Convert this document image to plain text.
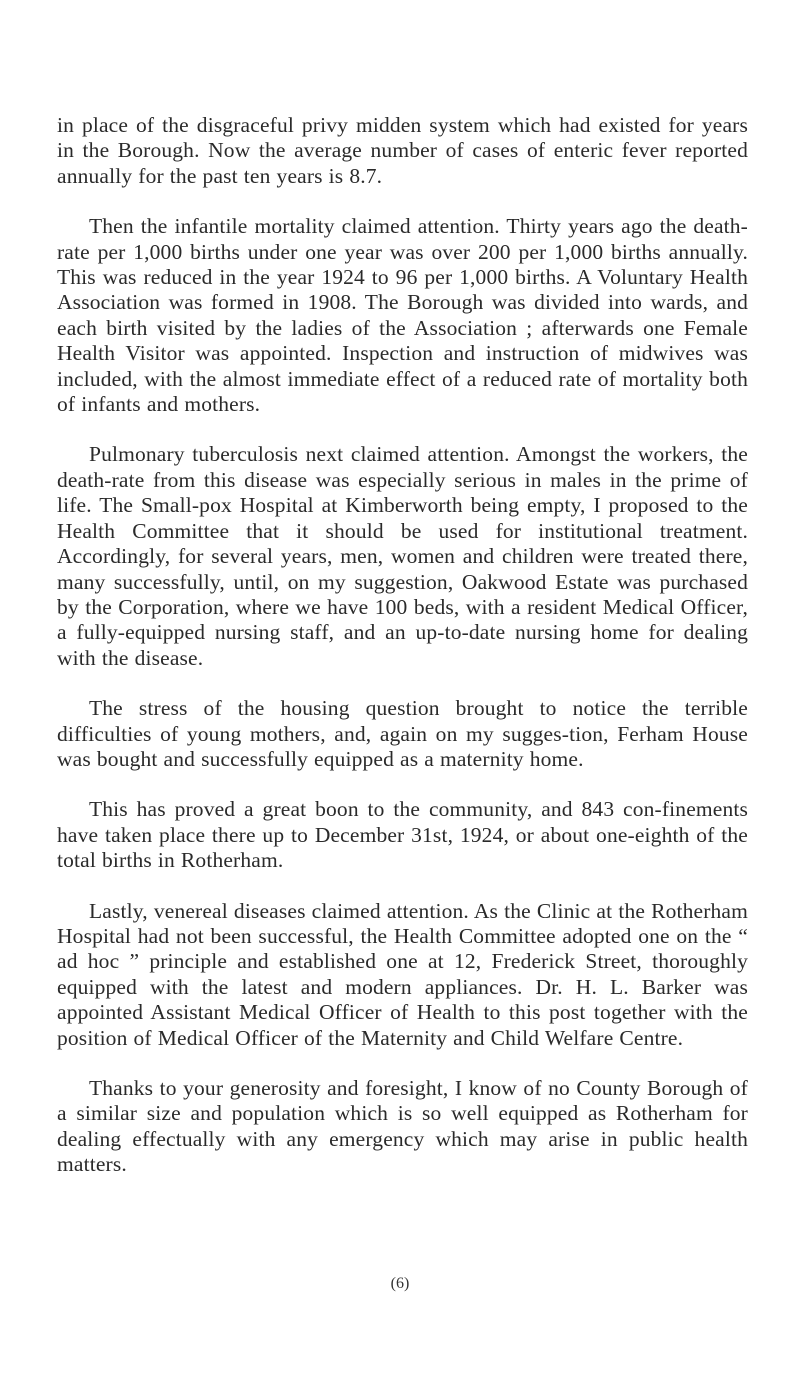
in place of the disgraceful privy midden system which had existed for years in the Borough. Now the average number of cases of enteric fever reported annually for the past ten years is 8.7.

Then the infantile mortality claimed attention. Thirty years ago the death-rate per 1,000 births under one year was over 200 per 1,000 births annually. This was reduced in the year 1924 to 96 per 1,000 births. A Voluntary Health Association was formed in 1908. The Borough was divided into wards, and each birth visited by the ladies of the Association ; afterwards one Female Health Visitor was appointed. Inspection and instruction of midwives was included, with the almost immediate effect of a reduced rate of mortality both of infants and mothers.

Pulmonary tuberculosis next claimed attention. Amongst the workers, the death-rate from this disease was especially serious in males in the prime of life. The Small-pox Hospital at Kimberworth being empty, I proposed to the Health Committee that it should be used for institutional treatment. Accordingly, for several years, men, women and children were treated there, many successfully, until, on my suggestion, Oakwood Estate was purchased by the Corporation, where we have 100 beds, with a resident Medical Officer, a fully-equipped nursing staff, and an up-to-date nursing home for dealing with the disease.

The stress of the housing question brought to notice the terrible difficulties of young mothers, and, again on my sugges-tion, Ferham House was bought and successfully equipped as a maternity home.

This has proved a great boon to the community, and 843 con-finements have taken place there up to December 31st, 1924, or about one-eighth of the total births in Rotherham.

Lastly, venereal diseases claimed attention. As the Clinic at the Rotherham Hospital had not been successful, the Health Committee adopted one on the “ ad hoc ” principle and established one at 12, Frederick Street, thoroughly equipped with the latest and modern appliances. Dr. H. L. Barker was appointed Assistant Medical Officer of Health to this post together with the position of Medical Officer of the Maternity and Child Welfare Centre.

Thanks to your generosity and foresight, I know of no County Borough of a similar size and population which is so well equipped as Rotherham for dealing effectually with any emergency which may arise in public health matters.

(6)
